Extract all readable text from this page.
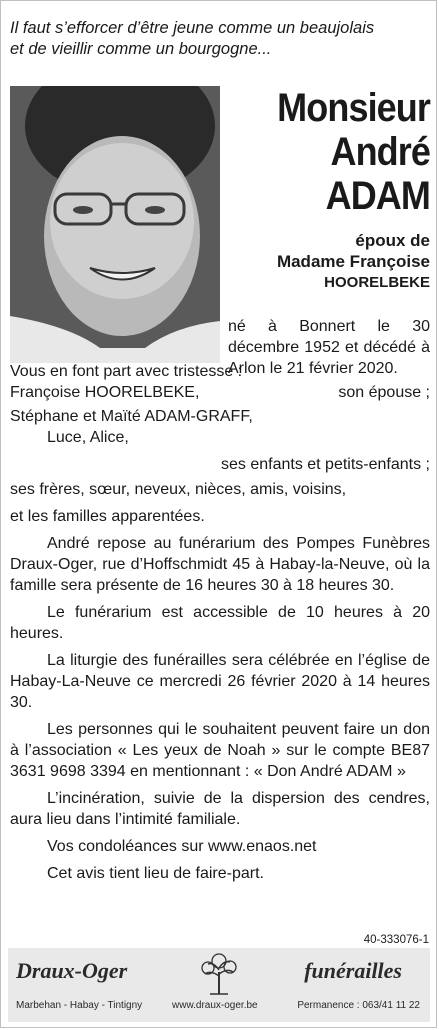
Il faut s’efforcer d’être jeune comme un beaujolais
et de vieillir comme un bourgogne...
Monsieur
André
ADAM
époux de
Madame Françoise
HOORELBEKE
né à Bonnert le 30 décembre 1952 et décédé à Arlon le 21 février 2020.
Vous en font part avec tristesse :
Françoise HOORELBEKE,	son épouse ;
Stéphane et Maïté ADAM-GRAFF,
Luce, Alice,
ses enfants et petits-enfants ;
ses frères, sœur, neveux, nièces, amis, voisins,
et les familles apparentées.

André repose au funérarium des Pompes Funèbres Draux-Oger, rue d’Hoffschmidt 45 à Habay-la-Neuve, où la famille sera présente de 16 heures 30 à 18 heures 30.

Le funérarium est accessible de 10 heures à 20 heures.

La liturgie des funérailles sera célébrée en l’église de Habay-La-Neuve ce mercredi 26 février 2020 à 14 heures 30.

Les personnes qui le souhaitent peuvent faire un don à l’association « Les yeux de Noah » sur le compte BE87 3631 9698 3394 en mentionnant : « Don André ADAM »

L’incinération, suivie de la dispersion des cendres, aura lieu dans l’intimité familiale.

Vos condoléances sur www.enaos.net

Cet avis tient lieu de faire-part.

40-333076-1
Draux-Oger	funérailles
Marbehan - Habay - Tintigny	www.draux-oger.be	Permanence : 063/41 11 22
